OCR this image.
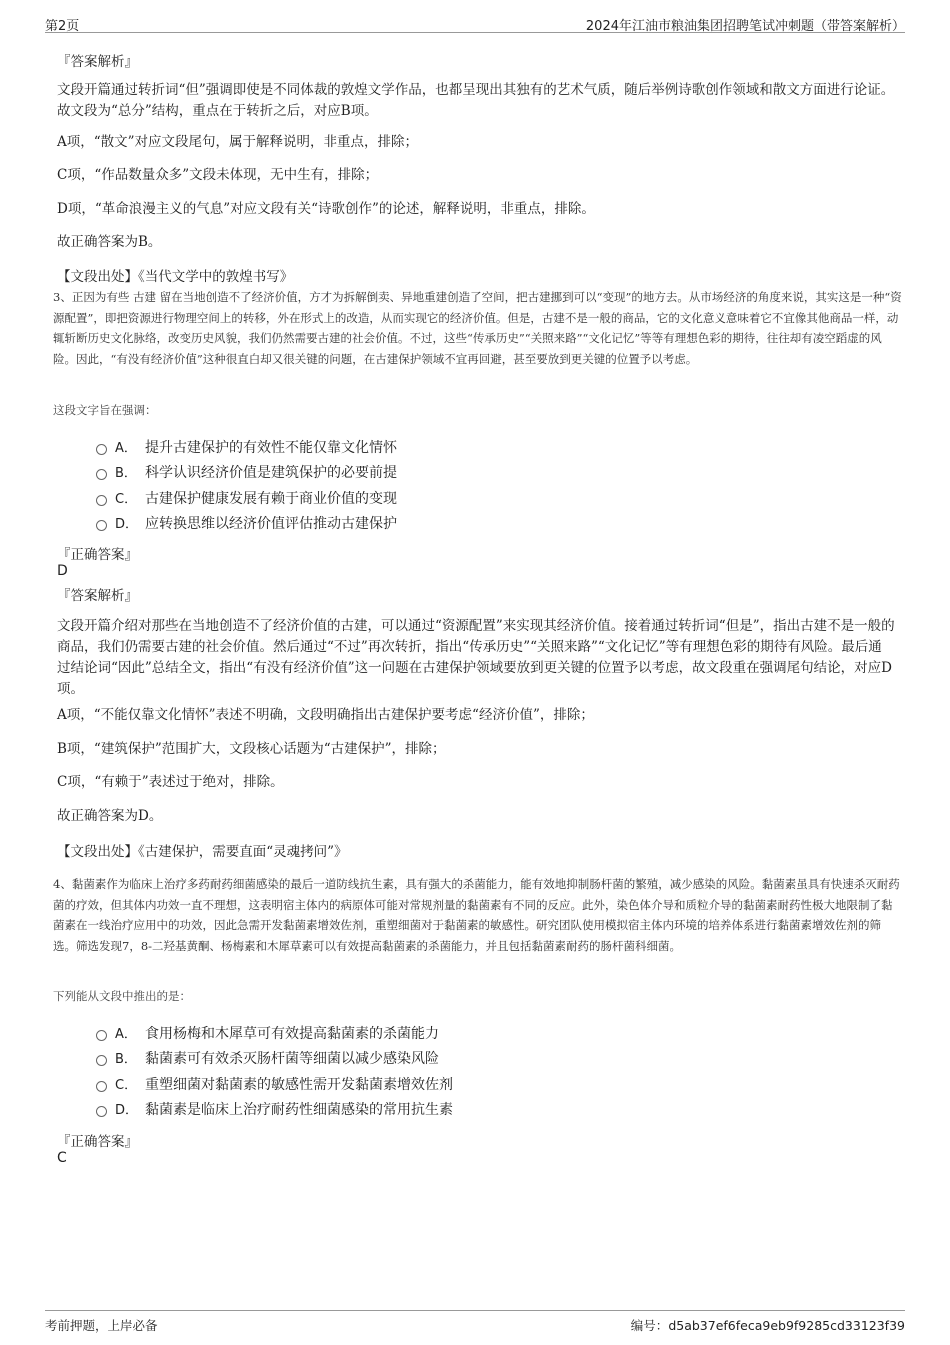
第2页	2024年江油市粮油集团招聘笔试冲刺题（带答案解析）
『答案解析』

文段开篇通过转折词“但”强调即使是不同体裁的敦煌文学作品，也都呈现出其独有的艺术气质，随后举例诗歌创作领域和散文方面进行论证。故文段为“总分”结构，重点在于转折之后，对应B项。

A项，“散文”对应文段尾句，属于解释说明，非重点，排除；

C项，“作品数量众多”文段未体现，无中生有，排除；

D项，“革命浪漫主义的气息”对应文段有关“诗歌创作”的论述，解释说明，非重点，排除。

故正确答案为B。

【文段出处】《当代文学中的敦煌书写》

3、正因为有些 古建 留在当地创造不了经济价值，方才为拆解倒卖、异地重建创造了空间，把古建挪到可以“变现”的地方去。从市场经济的角度来说，其实这是一种“资源配置”，即把资源进行物理空间上的转移，外在形式上的改造，从而实现它的经济价值。但是，古建不是一般的商品，它的文化意义意味着它不宜像其他商品一样，动辄斩断历史文化脉络，改变历史风貌，我们仍然需要古建的社会价值。不过，这些“传承历史”“关照来路”“文化记忆”等等有理想色彩的期待，往往却有凌空蹈虚的风险。因此，“有没有经济价值”这种很直白却又很关键的问题，在古建保护领域不宜再回避，甚至要放到更关键的位置予以考虑。

这段文字旨在强调：

A． 提升古建保护的有效性不能仅靠文化情怀
B． 科学认识经济价值是建筑保护的必要前提
C． 古建保护健康发展有赖于商业价值的变现
D． 应转换思维以经济价值评估推动古建保护
『正确答案』
D
『答案解析』

文段开篇介绍对那些在当地创造不了经济价值的古建，可以通过“资源配置”来实现其经济价值。接着通过转折词“但是”，指出古建不是一般的商品，我们仍需要古建的社会价值。然后通过“不过”再次转折，指出“传承历史”“关照来路”“文化记忆”等有理想色彩的期待有风险。最后通过结论词“因此”总结全文，指出“有没有经济价值”这一问题在古建保护领域要放到更关键的位置予以考虑，故文段重在强调尾句结论，对应D项。

A项，“不能仅靠文化情怀”表述不明确，文段明确指出古建保护要考虑“经济价值”，排除；

B项，“建筑保护”范围扩大，文段核心话题为“古建保护”，排除；

C项，“有赖于”表述过于绝对，排除。

故正确答案为D。

【文段出处】《古建保护，需要直面“灵魂拷问”》

4、黏菌素作为临床上治疗多药耐药细菌感染的最后一道防线抗生素，具有强大的杀菌能力，能有效地抑制肠杆菌的繁殖，减少感染的风险。黏菌素虽具有快速杀灭耐药菌的疗效，但其体内功效一直不理想，这表明宿主体内的病原体可能对常规剂量的黏菌素有不同的反应。此外，染色体介导和质粒介导的黏菌素耐药性极大地限制了黏菌素在一线治疗应用中的功效，因此急需开发黏菌素增效佐剂，重塑细菌对于黏菌素的敏感性。研究团队使用模拟宿主体内环境的培养体系进行黏菌素增效佐剂的筛选。筛选发现7，8-二羟基黄酮、杨梅素和木犀草素可以有效提高黏菌素的杀菌能力，并且包括黏菌素耐药的肠杆菌科细菌。

下列能从文段中推出的是：

A． 食用杨梅和木犀草可有效提高黏菌素的杀菌能力
B． 黏菌素可有效杀灭肠杆菌等细菌以减少感染风险
C． 重塑细菌对黏菌素的敏感性需开发黏菌素增效佐剂
D． 黏菌素是临床上治疗耐药性细菌感染的常用抗生素
『正确答案』
C
考前押题，上岸必备	编号：d5ab37ef6feca9eb9f9285cd33123f39
